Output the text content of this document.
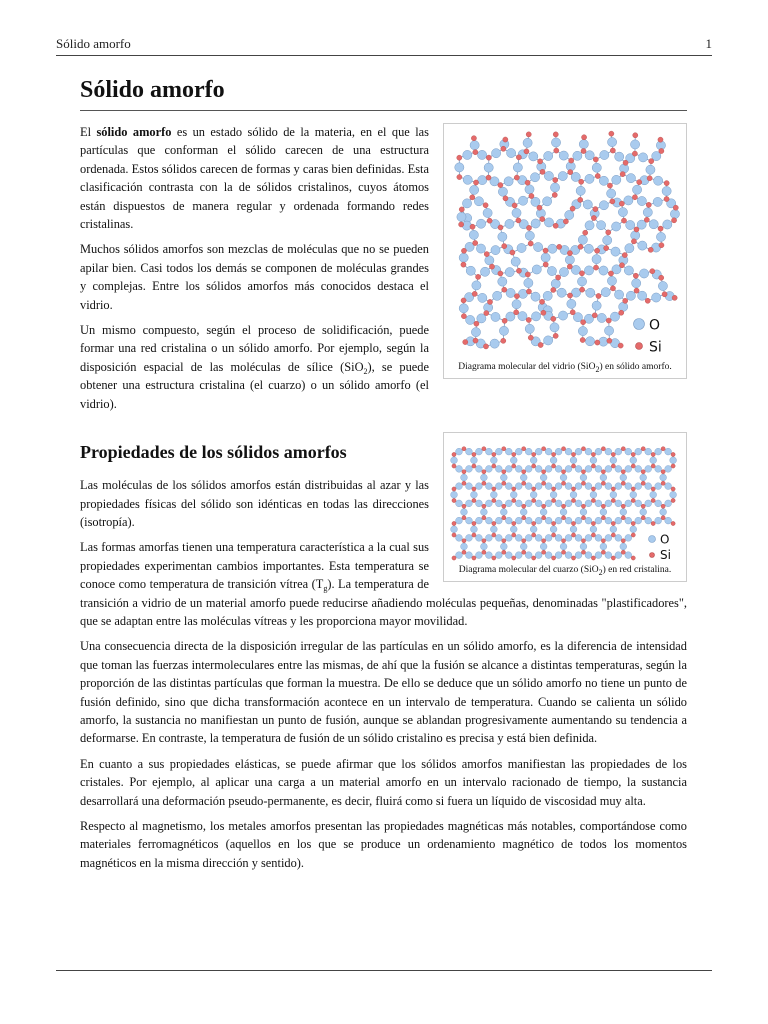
Sólido amorfo	1
Sólido amorfo
O
Si
Diagrama molecular del vidrio (SiO$_2$) en sólido amorfo.

El sólido amorfo es un estado sólido de la materia, en el que las partículas que conforman el sólido carecen de una estructura ordenada. Estos sólidos carecen de formas y caras bien definidas. Esta clasificación contrasta con la de sólidos cristalinos, cuyos átomos están dispuestos de manera regular y ordenada formando redes cristalinas.

Muchos sólidos amorfos son mezclas de moléculas que no se pueden apilar bien. Casi todos los demás se componen de moléculas grandes y complejas. Entre los sólidos amorfos más conocidos destaca el vidrio.

Un mismo compuesto, según el proceso de solidificación, puede formar una red cristalina o un sólido amorfo. Por ejemplo, según la disposición espacial de las moléculas de sílice (SiO$_2$), se puede obtener una estructura cristalina (el cuarzo) o un sólido amorfo (el vidrio).

O
Si
Diagrama molecular del cuarzo (SiO$_2$) en red cristalina.
Propiedades de los sólidos amorfos

Las moléculas de los sólidos amorfos están distribuidas al azar y las propiedades físicas del sólido son idénticas en todas las direcciones (isotropía).

Las formas amorfas tienen una temperatura característica a la cual sus propiedades experimentan cambios importantes. Esta temperatura se conoce como temperatura de transición vítrea $(T_g)$. La temperatura de transición a vidrio de un material amorfo puede reducirse añadiendo moléculas pequeñas, denominadas "plastificadores", que se adaptan entre las moléculas vítreas y les proporciona mayor movilidad.

Una consecuencia directa de la disposición irregular de las partículas en un sólido amorfo, es la diferencia de intensidad que toman las fuerzas intermoleculares entre las mismas, de ahí que la fusión se alcance a distintas temperaturas, según la proporción de las distintas partículas que forman la muestra. De ello se deduce que un sólido amorfo no tiene un punto de fusión definido, sino que dicha transformación acontece en un intervalo de temperatura. Cuando se calienta un sólido amorfo, la sustancia no manifiestan un punto de fusión, aunque se ablandan progresivamente aumentando su tendencia a deformarse. En contraste, la temperatura de fusión de un sólido cristalino es precisa y está bien definida.

En cuanto a sus propiedades elásticas, se puede afirmar que los sólidos amorfos manifiestan las propiedades de los cristales. Por ejemplo, al aplicar una carga a un material amorfo en un intervalo racionado de tiempo, la sustancia desarrollará una deformación pseudo-permanente, es decir, fluirá como si fuera un líquido de viscosidad muy alta.

Respecto al magnetismo, los metales amorfos presentan las propiedades magnéticas más notables, comportándose como materiales ferromagnéticos (aquellos en los que se produce un ordenamiento magnético de todos los momentos magnéticos en la misma dirección y sentido).
